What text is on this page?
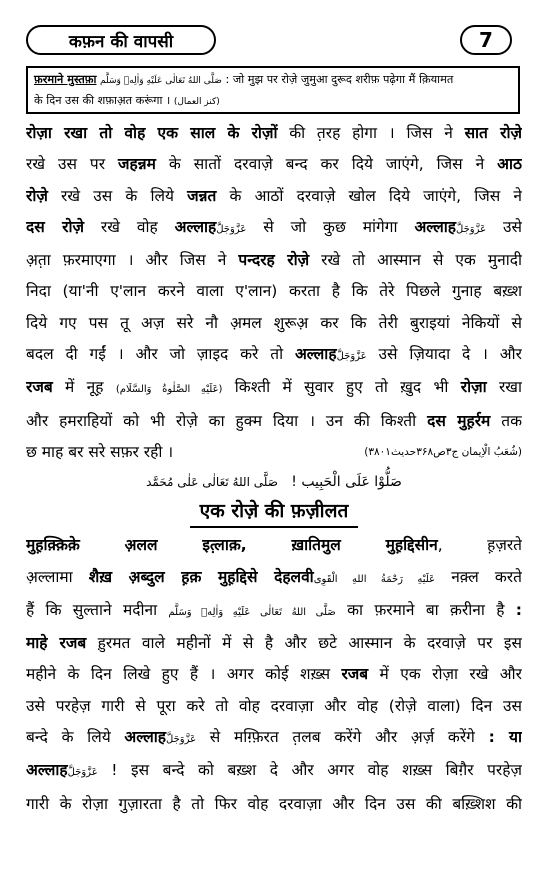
कफ़न की वापसी	7
फ़रमाने मुस्तफ़ा صَلَّى اللهُ تَعَالٰى عَلَيْهِ وَاٰلِهٖ وَسَلَّم : जो मुझ पर रोज़े जुमुआ दुरूद शरीफ़ पढ़ेगा मैं क़ियामत
के दिन उस की शफ़ाअ़त करूंगा । (کنز العمال)
रोज़ा रखा तो वोह एक साल के रोज़ों की त़रह होगा । जिस ने सात रोज़े
रखे उस पर जहन्नम के सातों दरवाज़े बन्द कर दिये जाएंगे, जिस ने आठ
रोज़े रखे उस के लिये जन्नत के आठों दरवाज़े खोल दिये जाएंगे, जिस ने
दस रोज़े रखे वोह अल्लाहعَزَّوَجَلَّ से जो कुछ मांगेगा अल्लाहعَزَّوَجَلَّ उसे
अ़त़ा फ़रमाएगा । और जिस ने पन्दरह रोज़े रखे तो आस्मान से एक मुनादी
निदा (या'नी ए'लान करने वाला ए'लान) करता है कि तेरे पिछले गुनाह बख़्श
दिये गए पस तू अज़ सरे नौ अ़मल शुरूअ़ कर कि तेरी बुराइयां नेकियों से
बदल दी गईं । और जो ज़ाइद करे तो अल्लाहعَزَّوَجَلَّ उसे ज़ियादा दे । और
रजब में नूह़ (عَلَيْهِ الصَّلٰوةُ وَالسَّلَام) किश्ती में सुवार हुए तो ख़ुद भी रोज़ा रखा
और हमराहियों को भी रोज़े का हुक्म दिया । उन की किश्ती दस मुह़र्रम तक
छ माह बर सरे सफ़र रही ।	(شُعَبُ الْاِیمان ج۳ص۳۶۸حدیث۳۸۰۱)
صَلُّوْا عَلَی الْحَبِیب !   صَلَّی اللهُ تَعَالٰی عَلٰی مُحَمَّد
एक रोज़े की फ़ज़ीलत
मुह़क़्क़िक़े अ़लल इत़्लाक़, ख़ातिमुल मुह़द्दिसीन, ह़ज़रते
अ़ल्लामा शैख़ अ़ब्दुल ह़क़ मुह़द्दिसे देहलवीعَلَيْهِ رَحْمَةُ اللهِ الْقَوِى नक़्ल करते
हैं कि सुल्ताने मदीना صَلَّى اللهُ تَعَالٰى عَلَيْهِ وَاٰلِهٖ وَسَلَّم का फ़रमाने बा क़रीना है :
माहे रजब ह़ुरमत वाले महीनों में से है और छटे आस्मान के दरवाज़े पर इस
महीने के दिन लिखे हुए हैं । अगर कोई शख़्स रजब में एक रोज़ा रखे और
उसे परहेज़ गारी से पूरा करे तो वोह दरवाज़ा और वोह (रोज़े वाला) दिन उस
बन्दे के लिये अल्लाहعَزَّوَجَلَّ से मग़्फ़िरत त़लब करेंगे और अ़र्ज़ करेंगे : या
अल्लाहعَزَّوَجَلَّ ! इस बन्दे को बख़्श दे और अगर वोह शख़्स बिग़ैर परहेज़
गारी के रोज़ा गुज़ारता है तो फिर वोह दरवाज़ा और दिन उस की बख़्शिश की
